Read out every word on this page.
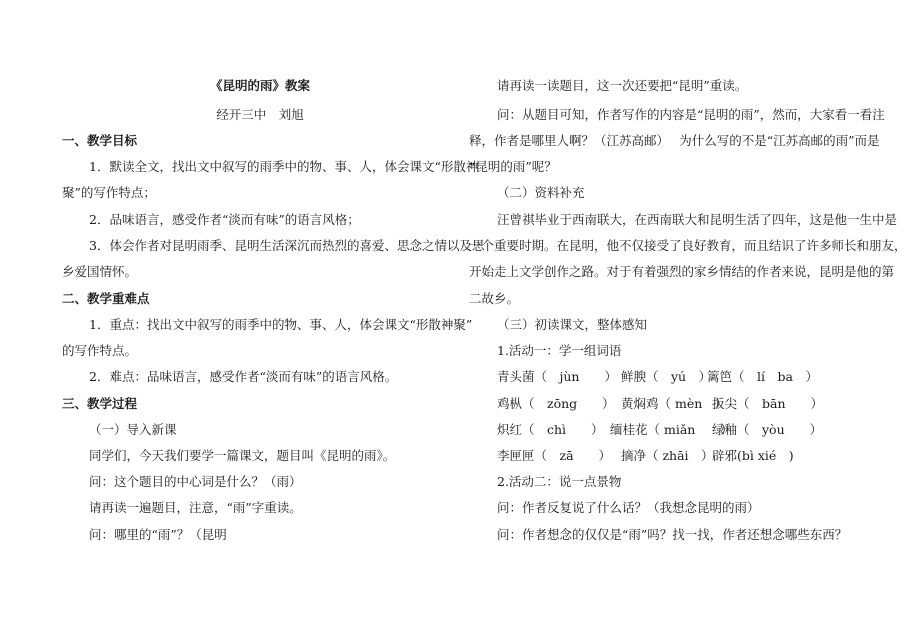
《昆明的雨》教案
经开三中　刘旭
一、教学目标
1．默读全文，找出文中叙写的雨季中的物、事、人，体会课文“形散神
聚”的写作特点；
2．品味语言，感受作者“淡而有味”的语言风格；
3．体会作者对昆明雨季、昆明生活深沉而热烈的喜爱、思念之情以及思
乡爱国情怀。
二、教学重难点
1．重点：找出文中叙写的雨季中的物、事、人，体会课文“形散神聚”
的写作特点。
2．难点：品味语言，感受作者“淡而有味”的语言风格。
三、教学过程
（一）导入新课
同学们，今天我们要学一篇课文，题目叫《昆明的雨》。
问：这个题目的中心词是什么？（雨）
请再读一遍题目，注意，“雨”字重读。
问：哪里的“雨”？（昆明
请再读一读题目，这一次还要把“昆明”重读。
问：从题目可知，作者写作的内容是“昆明的雨”，然而，大家看一看注
释，作者是哪里人啊？（江苏高邮）　 为什么写的不是“江苏高邮的雨”而是
“昆明的雨”呢？
（二）资料补充
汪曾祺毕业于西南联大，在西南联大和昆明生活了四年，这是他一生中是
一个重要时期。在昆明，他不仅接受了良好教育，而且结识了许多师长和朋友，
开始走上文学创作之路。对于有着强烈的家乡情结的作者来说，昆明是他的第
二故乡。
（三）初读课文，整体感知
1.活动一：学一组词语
青头菌（　jùn　　） 鲜腴（　yú　）
篱笆（　lí　ba　）
鸡枞（　zōng　　） 黄焖鸡（ mèn　）
扳尖（　bān　　）
炽红（　chì　　） 缅桂花（ miǎn　　）
绿釉（　yòu　　）
李匣匣（　zā　　） 摘净（ zhāi　）
辟邪(bì xié　)
2.活动二：说一点景物
问：作者反复说了什么话？（我想念昆明的雨）
问：作者想念的仅仅是“雨”吗？找一找，作者还想念哪些东西？
